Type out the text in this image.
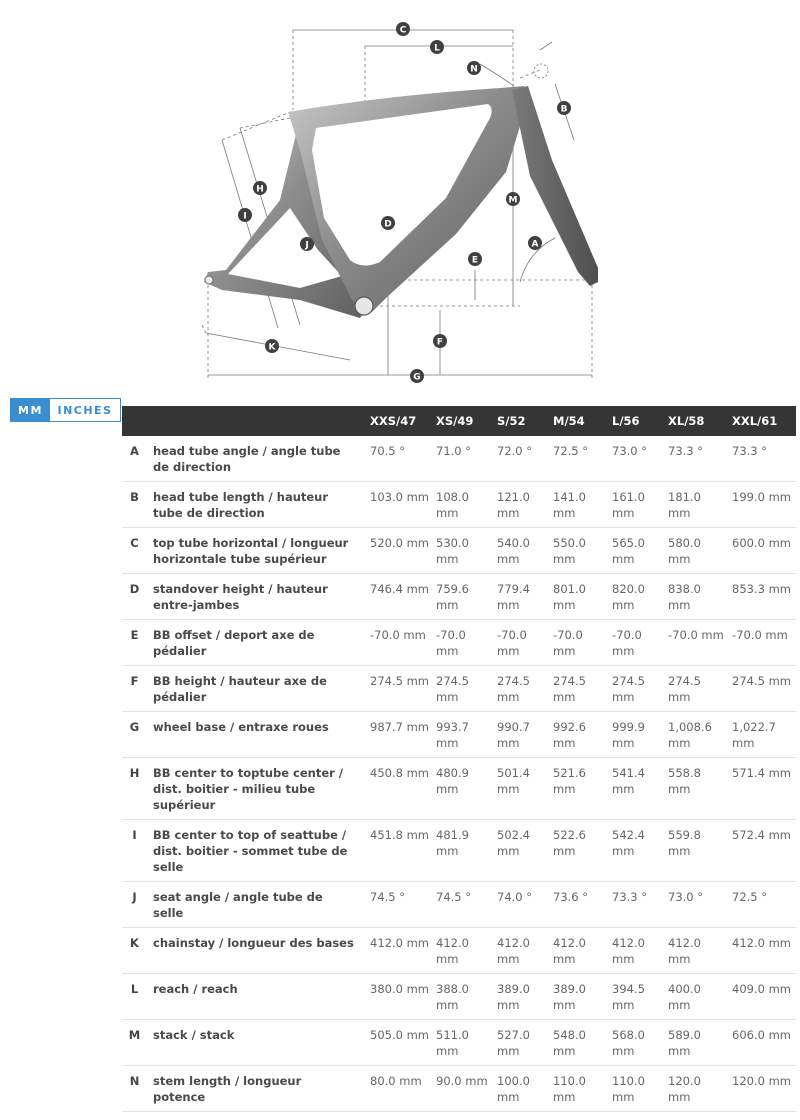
A
B
C
D
E
F
G
H
I
J
K
L
M
N
MM	INCHES
		XXS/47	XS/49	S/52	M/54	L/56	XL/58	XXL/61
A	head tube angle / angle tube de direction	70.5 °	71.0 °	72.0 °	72.5 °	73.0 °	73.3 °	73.3 °
B	head tube length / hauteur tube de direction	103.0 mm	108.0 mm	121.0 mm	141.0 mm	161.0 mm	181.0 mm	199.0 mm
C	top tube horizontal / longueur horizontale tube supérieur	520.0 mm	530.0 mm	540.0 mm	550.0 mm	565.0 mm	580.0 mm	600.0 mm
D	standover height / hauteur entre-jambes	746.4 mm	759.6 mm	779.4 mm	801.0 mm	820.0 mm	838.0 mm	853.3 mm
E	BB offset / deport axe de pédalier	-70.0 mm	-70.0 mm	-70.0 mm	-70.0 mm	-70.0 mm	-70.0 mm	-70.0 mm
F	BB height / hauteur axe de pédalier	274.5 mm	274.5 mm	274.5 mm	274.5 mm	274.5 mm	274.5 mm	274.5 mm
G	wheel base / entraxe roues	987.7 mm	993.7 mm	990.7 mm	992.6 mm	999.9 mm	1,008.6 mm	1,022.7 mm
H	BB center to toptube center / dist. boitier - milieu tube supérieur	450.8 mm	480.9 mm	501.4 mm	521.6 mm	541.4 mm	558.8 mm	571.4 mm
I	BB center to top of seattube / dist. boitier - sommet tube de selle	451.8 mm	481.9 mm	502.4 mm	522.6 mm	542.4 mm	559.8 mm	572.4 mm
J	seat angle / angle tube de selle	74.5 °	74.5 °	74.0 °	73.6 °	73.3 °	73.0 °	72.5 °
K	chainstay / longueur des bases	412.0 mm	412.0 mm	412.0 mm	412.0 mm	412.0 mm	412.0 mm	412.0 mm
L	reach / reach	380.0 mm	388.0 mm	389.0 mm	389.0 mm	394.5 mm	400.0 mm	409.0 mm
M	stack / stack	505.0 mm	511.0 mm	527.0 mm	548.0 mm	568.0 mm	589.0 mm	606.0 mm
N	stem length / longueur potence	80.0 mm	90.0 mm	100.0 mm	110.0 mm	110.0 mm	120.0 mm	120.0 mm
